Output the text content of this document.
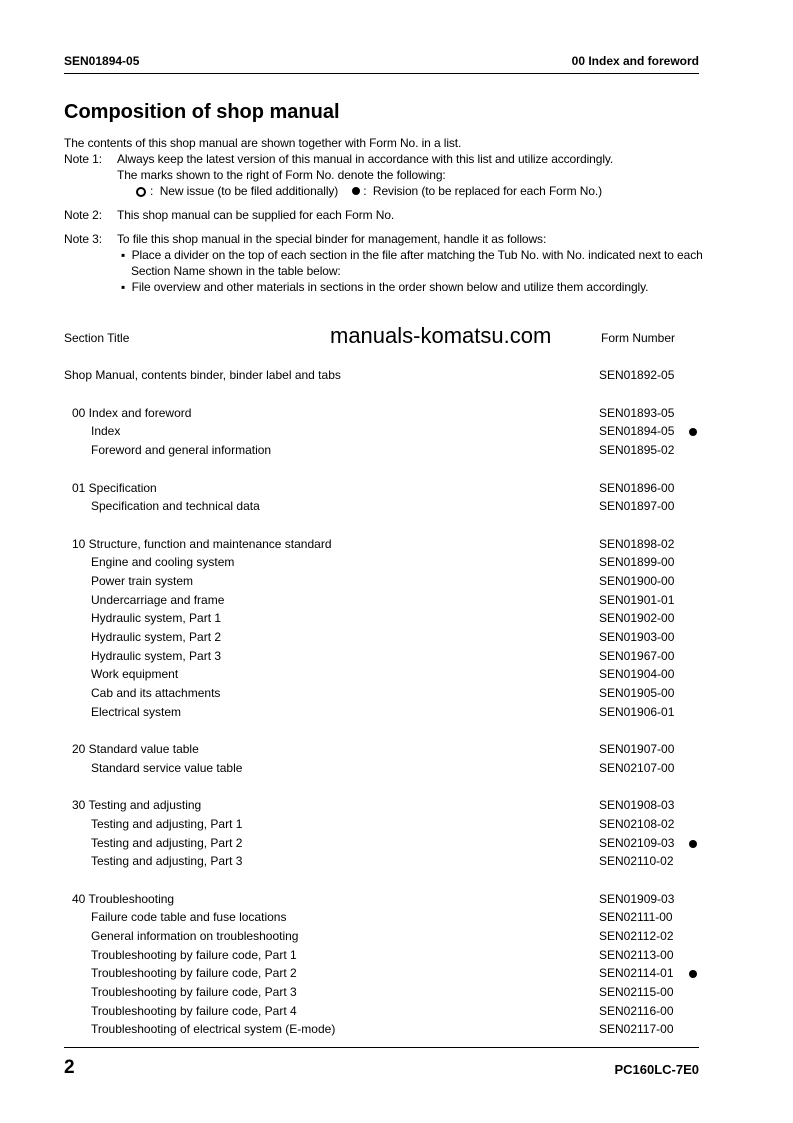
SEN01894-05	00 Index and foreword
Composition of shop manual
The contents of this shop manual are shown together with Form No. in a list.
Note 1:	Always keep the latest version of this manual in accordance with this list and utilize accordingly.
The marks shown to the right of Form No. denote the following:
:  New issue (to be filed additionally) :  Revision (to be replaced for each Form No.)
Note 2:	This shop manual can be supplied for each Form No.
Note 3:	To file this shop manual in the special binder for management, handle it as follows:
▪  Place a divider on the top of each section in the file after matching the Tub No. with No. indicated next to each Section Name shown in the table below:
▪  File overview and other materials in sections in the order shown below and utilize them accordingly.
manuals-komatsu.com
Section Title	Form Number
Shop Manual, contents binder, binder label and tabs	SEN01892-05
00 Index and foreword	SEN01893-05
Index	SEN01894-05
Foreword and general information	SEN01895-02
01 Specification	SEN01896-00
Specification and technical data	SEN01897-00
10 Structure, function and maintenance standard	SEN01898-02
Engine and cooling system	SEN01899-00
Power train system	SEN01900-00
Undercarriage and frame	SEN01901-01
Hydraulic system, Part 1	SEN01902-00
Hydraulic system, Part 2	SEN01903-00
Hydraulic system, Part 3	SEN01967-00
Work equipment	SEN01904-00
Cab and its attachments	SEN01905-00
Electrical system	SEN01906-01
20 Standard value table	SEN01907-00
Standard service value table	SEN02107-00
30 Testing and adjusting	SEN01908-03
Testing and adjusting, Part 1	SEN02108-02
Testing and adjusting, Part 2	SEN02109-03
Testing and adjusting, Part 3	SEN02110-02
40 Troubleshooting	SEN01909-03
Failure code table and fuse locations	SEN02111-00
General information on troubleshooting	SEN02112-02
Troubleshooting by failure code, Part 1	SEN02113-00
Troubleshooting by failure code, Part 2	SEN02114-01
Troubleshooting by failure code, Part 3	SEN02115-00
Troubleshooting by failure code, Part 4	SEN02116-00
Troubleshooting of electrical system (E-mode)	SEN02117-00
2	PC160LC-7E0
